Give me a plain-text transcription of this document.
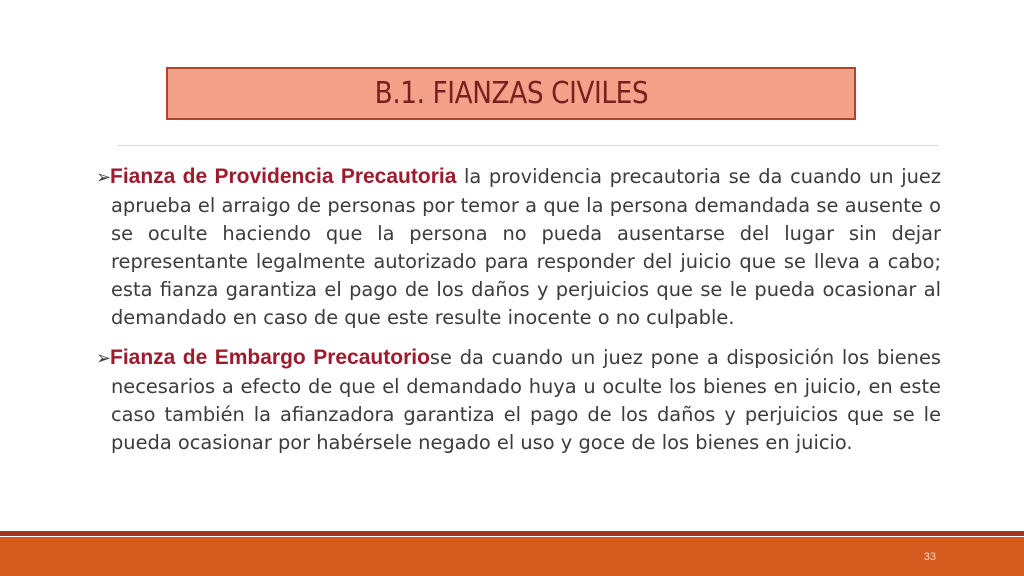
B.1. FIANZAS CIVILES

➢Fianza de Providencia Precautoria la providencia precautoria se da cuando un juez aprueba el arraigo de personas por temor a que la persona demandada se ausente o se oculte haciendo que la persona no pueda ausentarse del lugar sin dejar representante legalmente autorizado para responder del juicio que se lleva a cabo; esta fianza garantiza el pago de los daños y perjuicios que se le pueda ocasionar al demandado en caso de que este resulte inocente o no culpable.

➢Fianza de Embargo Precautoriose da cuando un juez pone a disposición los bienes necesarios a efecto de que el demandado huya u oculte los bienes en juicio, en este caso también la afianzadora garantiza el pago de los daños y perjuicios que se le pueda ocasionar por habérsele negado el uso y goce de los bienes en juicio.

33
